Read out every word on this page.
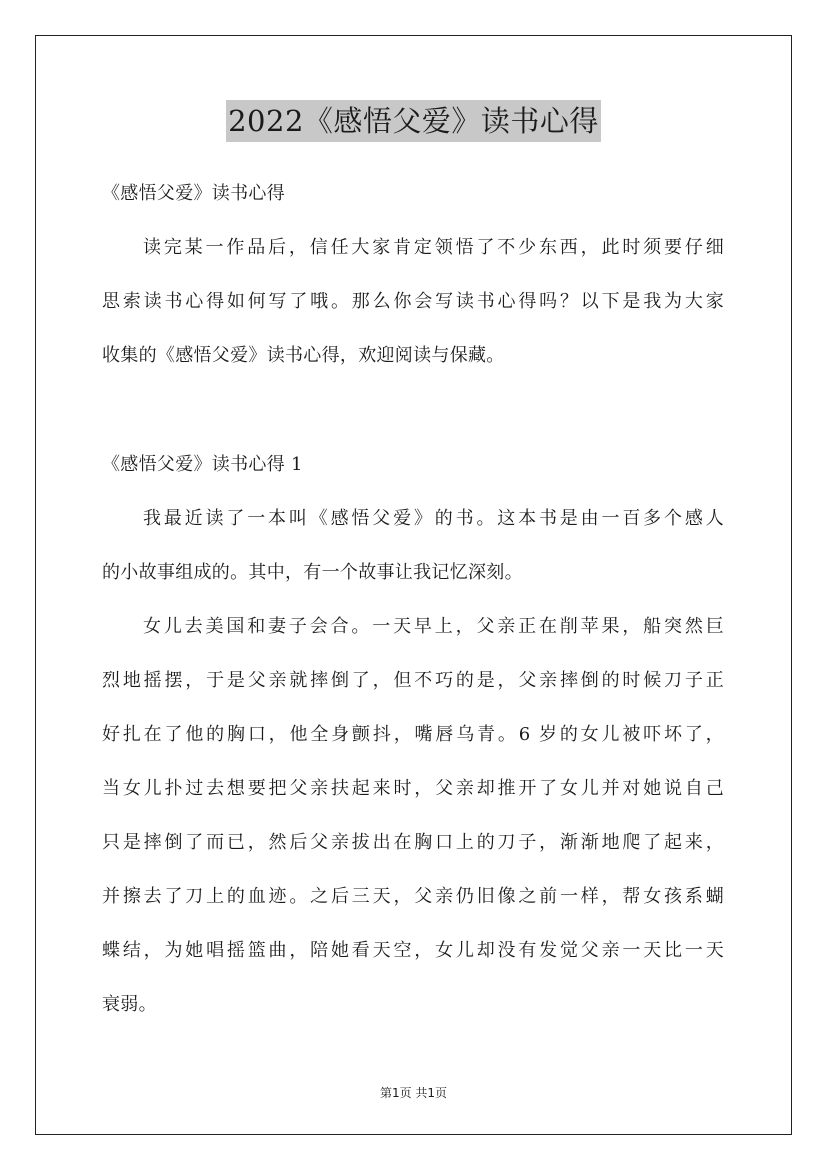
2022《感悟父爱》读书心得
《感悟父爱》读书心得
读完某一作品后，信任大家肯定领悟了不少东西，此时须要仔细
思索读书心得如何写了哦。那么你会写读书心得吗？以下是我为大家
收集的《感悟父爱》读书心得，欢迎阅读与保藏。
《感悟父爱》读书心得 1
我最近读了一本叫《感悟父爱》的书。这本书是由一百多个感人
的小故事组成的。其中，有一个故事让我记忆深刻。
女儿去美国和妻子会合。一天早上，父亲正在削苹果，船突然巨
烈地摇摆，于是父亲就摔倒了，但不巧的是，父亲摔倒的时候刀子正
好扎在了他的胸口，他全身颤抖，嘴唇乌青。6 岁的女儿被吓坏了，
当女儿扑过去想要把父亲扶起来时，父亲却推开了女儿并对她说自己
只是摔倒了而已，然后父亲拔出在胸口上的刀子，渐渐地爬了起来，
并擦去了刀上的血迹。之后三天，父亲仍旧像之前一样，帮女孩系蝴
蝶结，为她唱摇篮曲，陪她看天空，女儿却没有发觉父亲一天比一天
衰弱。
第1页 共1页
